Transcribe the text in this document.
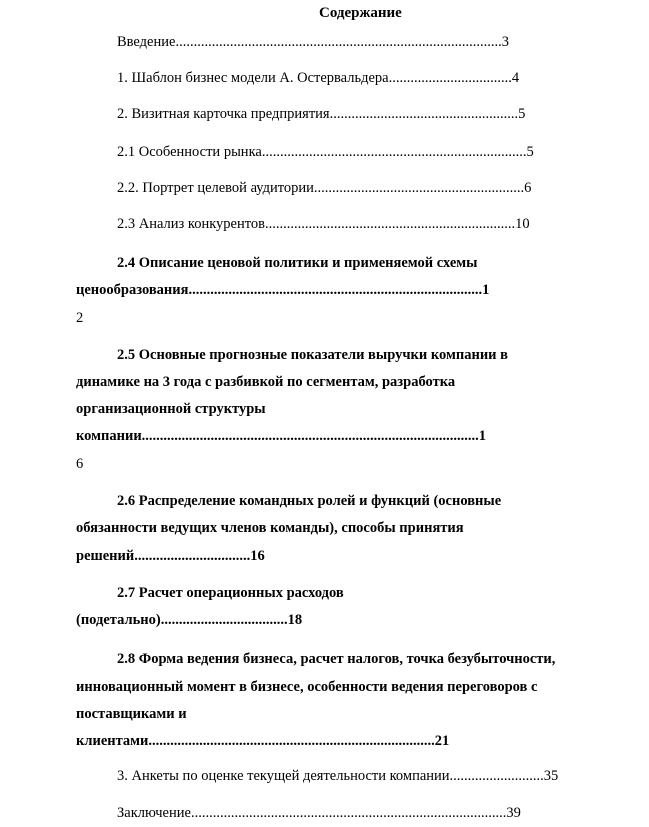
Содержание
Введение..........................................................................................3
1. Шаблон бизнес модели А. Остервальдера..................................4
2. Визитная карточка предприятия....................................................5
2.1 Особенности рынка.........................................................................5
2.2. Портрет целевой аудитории..........................................................6
2.3 Анализ конкурентов.....................................................................10
2.4 Описание ценовой политики и применяемой схемы
ценообразования.................................................................................1
2
2.5 Основные прогнозные показатели выручки компании в
динамике на 3 года с разбивкой по сегментам, разработка
организационной структуры
компании.............................................................................................1
6
2.6 Распределение командных ролей и функций (основные
обязанности ведущих членов команды), способы принятия
решений................................16
2.7 Расчет операционных расходов
(подетально)...................................18
2.8 Форма ведения бизнеса, расчет налогов, точка безубыточности,
инновационный момент в бизнесе, особенности ведения переговоров с
поставщиками и
клиентами...............................................................................21
3. Анкеты по оценке текущей деятельности компании..........................35
Заключение.......................................................................................39
